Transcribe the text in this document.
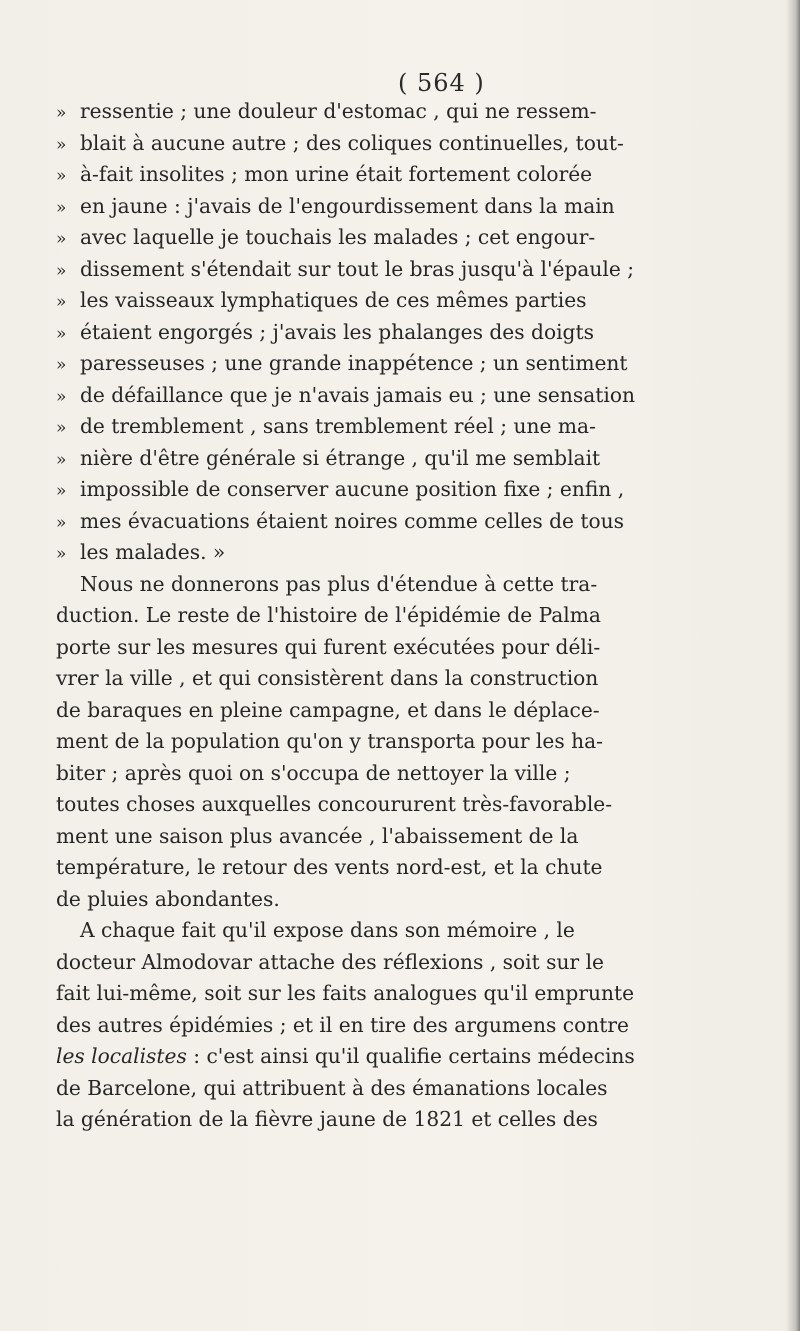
( 564 )
» ressentie ; une douleur d'estomac , qui ne ressem-
» blait à aucune autre ; des coliques continuelles, tout-
» à-fait insolites ; mon urine était fortement colorée
» en jaune : j'avais de l'engourdissement dans la main
» avec laquelle je touchais les malades ; cet engour-
» dissement s'étendait sur tout le bras jusqu'à l'épaule ;
» les vaisseaux lymphatiques de ces mêmes parties
» étaient engorgés ; j'avais les phalanges des doigts
» paresseuses ; une grande inappétence ; un sentiment
» de défaillance que je n'avais jamais eu ; une sensation
» de tremblement , sans tremblement réel ; une ma-
» nière d'être générale si étrange , qu'il me semblait
» impossible de conserver aucune position fixe ; enfin ,
» mes évacuations étaient noires comme celles de tous
» les malades. »
Nous ne donnerons pas plus d'étendue à cette tra-
duction. Le reste de l'histoire de l'épidémie de Palma
porte sur les mesures qui furent exécutées pour déli-
vrer la ville , et qui consistèrent dans la construction
de baraques en pleine campagne, et dans le déplace-
ment de la population qu'on y transporta pour les ha-
biter ; après quoi on s'occupa de nettoyer la ville ;
toutes choses auxquelles concoururent très-favorable-
ment une saison plus avancée , l'abaissement de la
température, le retour des vents nord-est, et la chute
de pluies abondantes.
A chaque fait qu'il expose dans son mémoire , le
docteur Almodovar attache des réflexions , soit sur le
fait lui-même, soit sur les faits analogues qu'il emprunte
des autres épidémies ; et il en tire des argumens contre
les localistes : c'est ainsi qu'il qualifie certains médecins
de Barcelone, qui attribuent à des émanations locales
la génération de la fièvre jaune de 1821 et celles des
